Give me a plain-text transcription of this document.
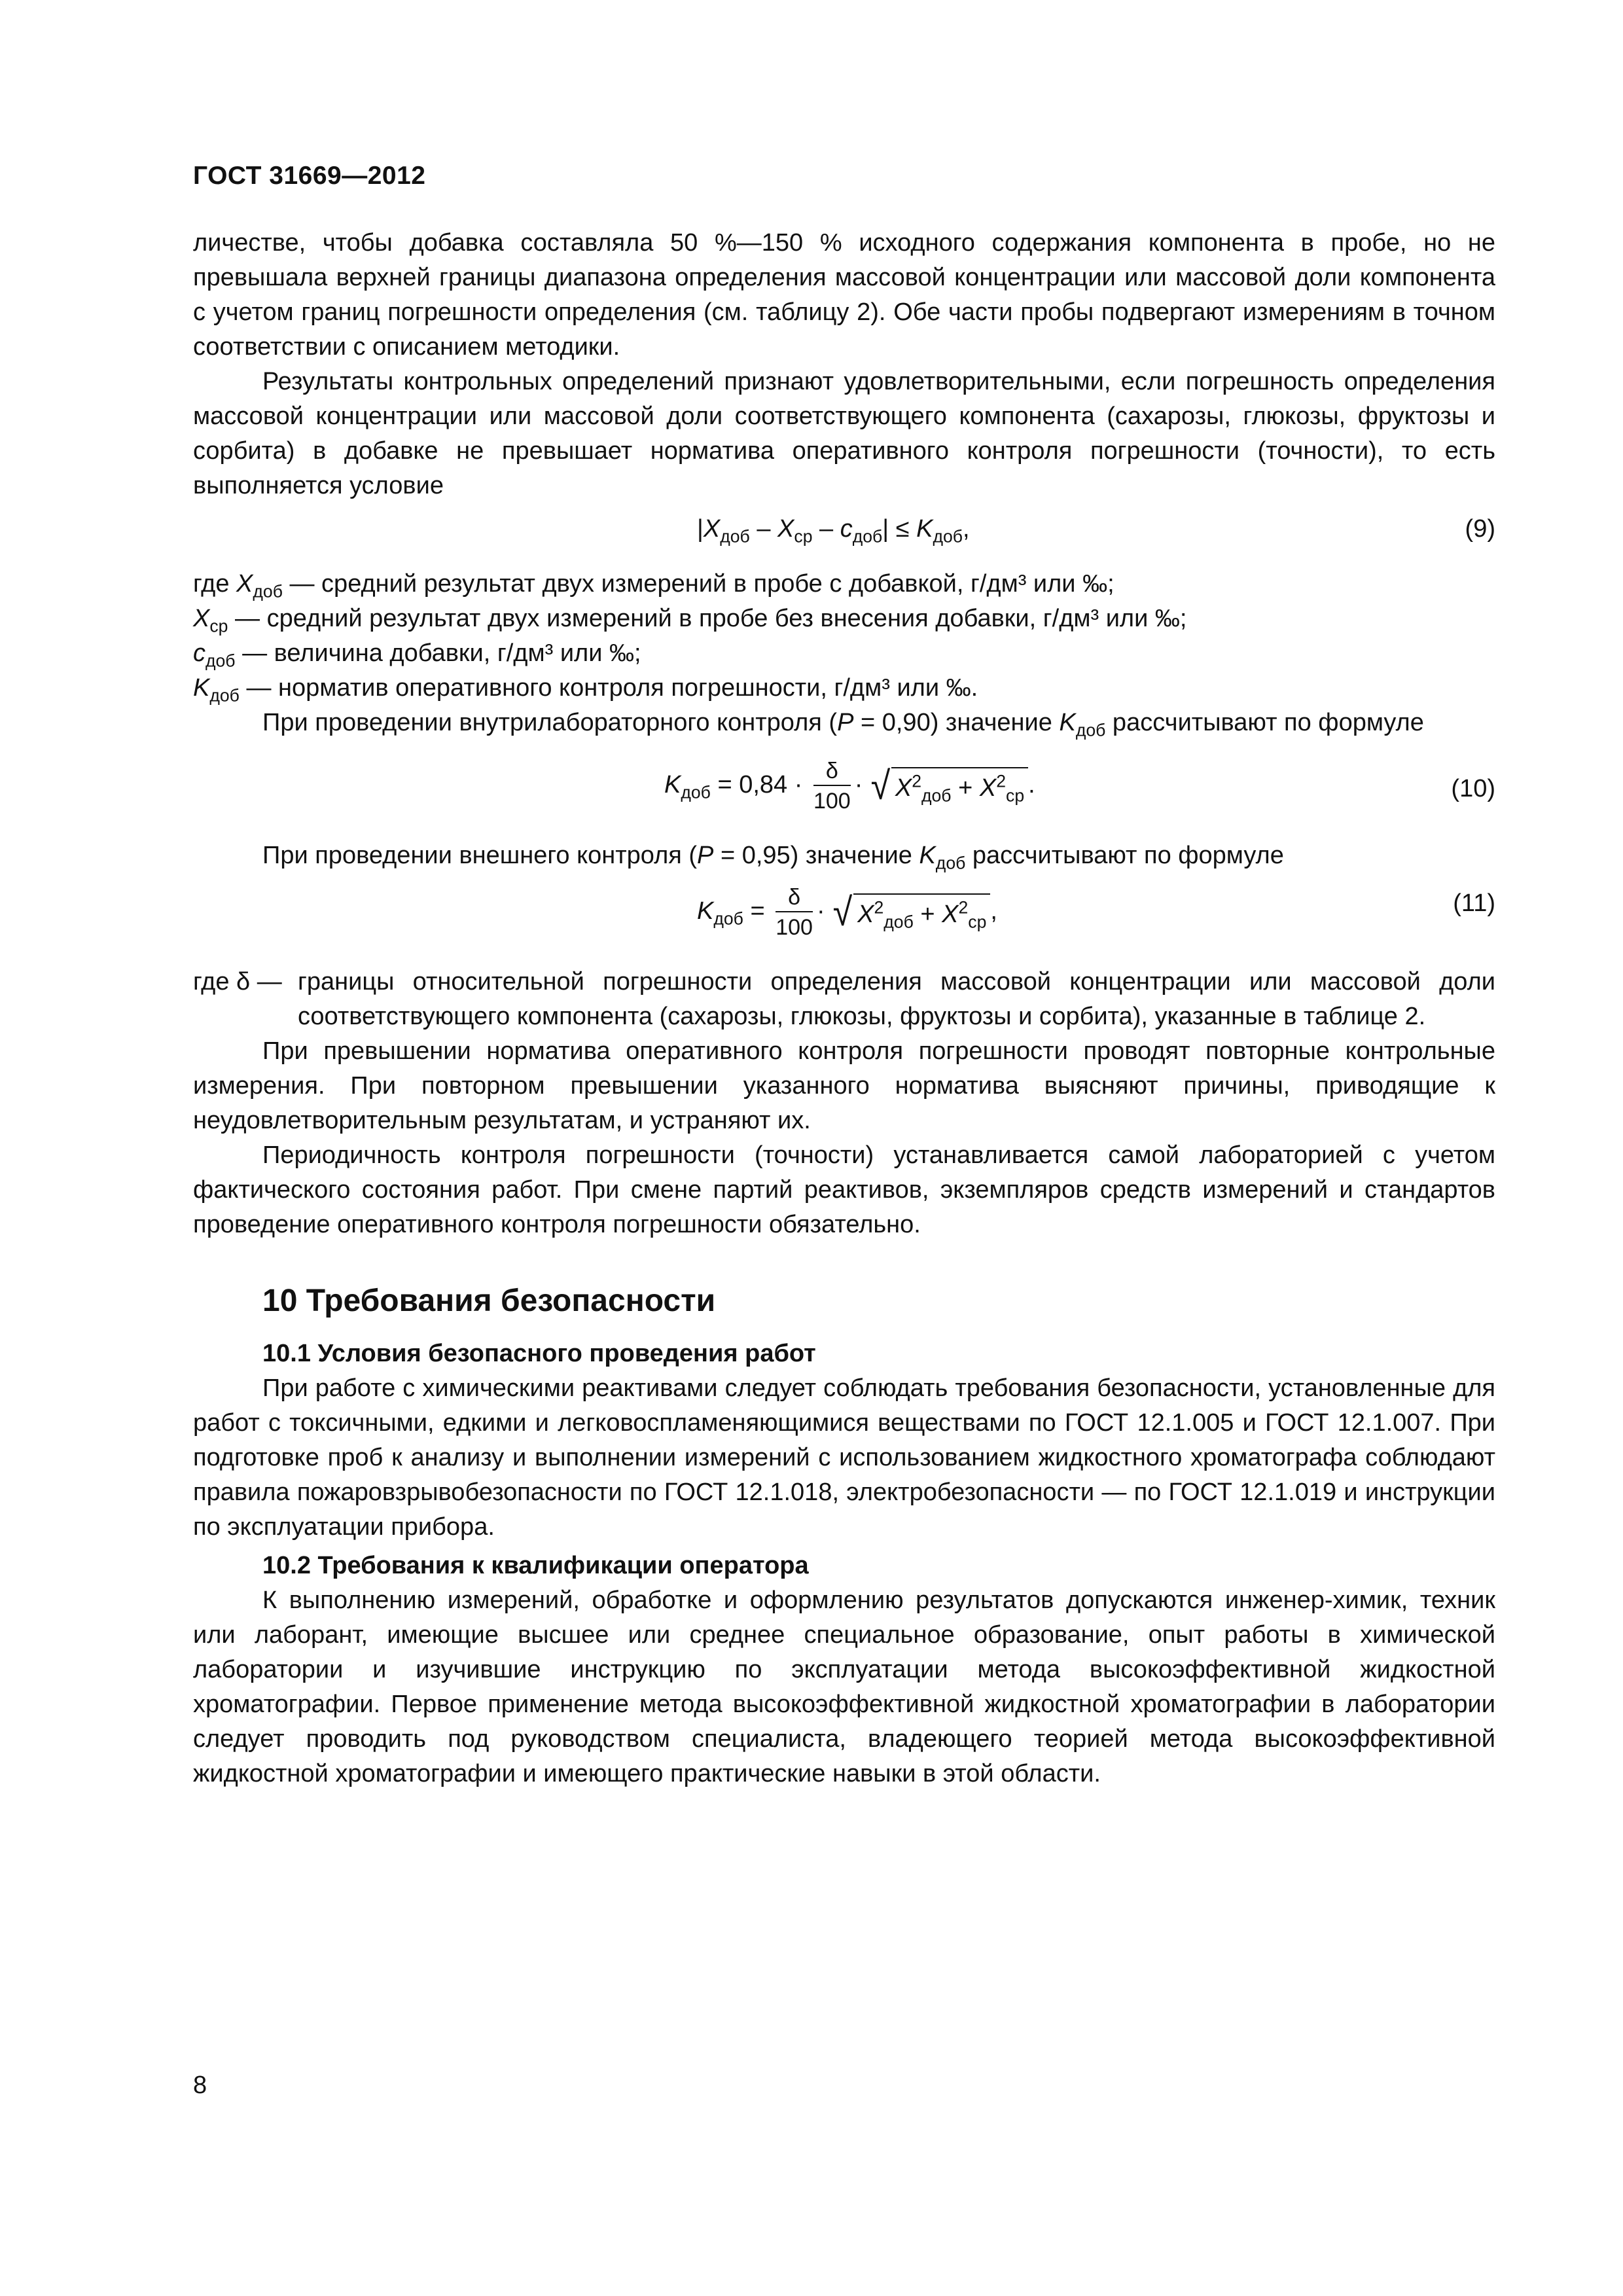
ГОСТ 31669—2012

личестве, чтобы добавка составляла 50 %—150 % исходного содержания компонента в пробе, но не превышала верхней границы диапазона определения массовой концентрации или массовой доли компонента с учетом границ погрешности определения (см. таблицу 2). Обе части пробы подвергают измерениям в точном соответствии с описанием методики.

Результаты контрольных определений признают удовлетворительными, если погрешность определения массовой концентрации или массовой доли соответствующего компонента (сахарозы, глюкозы, фруктозы и сорбита) в добавке не превышает норматива оперативного контроля погрешности (точности), то есть выполняется условие

$|X_{доб} - X_{ср} - с_{доб}| \le K_{доб}$,	(9)
где $X_{доб}$ — средний результат двух измерений в пробе с добавкой, г/дм³ или ‰;
$X_{ср}$ — средний результат двух измерений в пробе без внесения добавки, г/дм³ или ‰;
$с_{доб}$ — величина добавки, г/дм³ или ‰;
$K_{доб}$ — норматив оперативного контроля погрешности, г/дм³ или ‰.

При проведении внутрилабораторного контроля (P = 0,90) значение $K_{доб}$ рассчитывают по формуле

$K_{доб} = 0,84 \cdot \frac{\delta}{100}$ · √ $X^2_{доб} + X^2_{ср}$ .	(10)

При проведении внешнего контроля (P = 0,95) значение $K_{доб}$ рассчитывают по формуле

$K_{доб} = \frac{\delta}{100}$ · √ $X^2_{доб} + X^2_{ср}$ ,	(11)
где δ — границы относительной погрешности определения массовой концентрации или массовой доли соответствующего компонента (сахарозы, глюкозы, фруктозы и сорбита), указанные в таблице 2.

При превышении норматива оперативного контроля погрешности проводят повторные контрольные измерения. При повторном превышении указанного норматива выясняют причины, приводящие к неудовлетворительным результатам, и устраняют их.

Периодичность контроля погрешности (точности) устанавливается самой лабораторией с учетом фактического состояния работ. При смене партий реактивов, экземпляров средств измерений и стандартов проведение оперативного контроля погрешности обязательно.

10 Требования безопасности
10.1 Условия безопасного проведения работ

При работе с химическими реактивами следует соблюдать требования безопасности, установленные для работ с токсичными, едкими и легковоспламеняющимися веществами по ГОСТ 12.1.005 и ГОСТ 12.1.007. При подготовке проб к анализу и выполнении измерений с использованием жидкостного хроматографа соблюдают правила пожаровзрывобезопасности по ГОСТ 12.1.018, электробезопасности — по ГОСТ 12.1.019 и инструкции по эксплуатации прибора.

10.2 Требования к квалификации оператора

К выполнению измерений, обработке и оформлению результатов допускаются инженер-химик, техник или лаборант, имеющие высшее или среднее специальное образование, опыт работы в химической лаборатории и изучившие инструкцию по эксплуатации метода высокоэффективной жидкостной хроматографии. Первое применение метода высокоэффективной жидкостной хроматографии в лаборатории следует проводить под руководством специалиста, владеющего теорией метода высокоэффективной жидкостной хроматографии и имеющего практические навыки в этой области.

8
